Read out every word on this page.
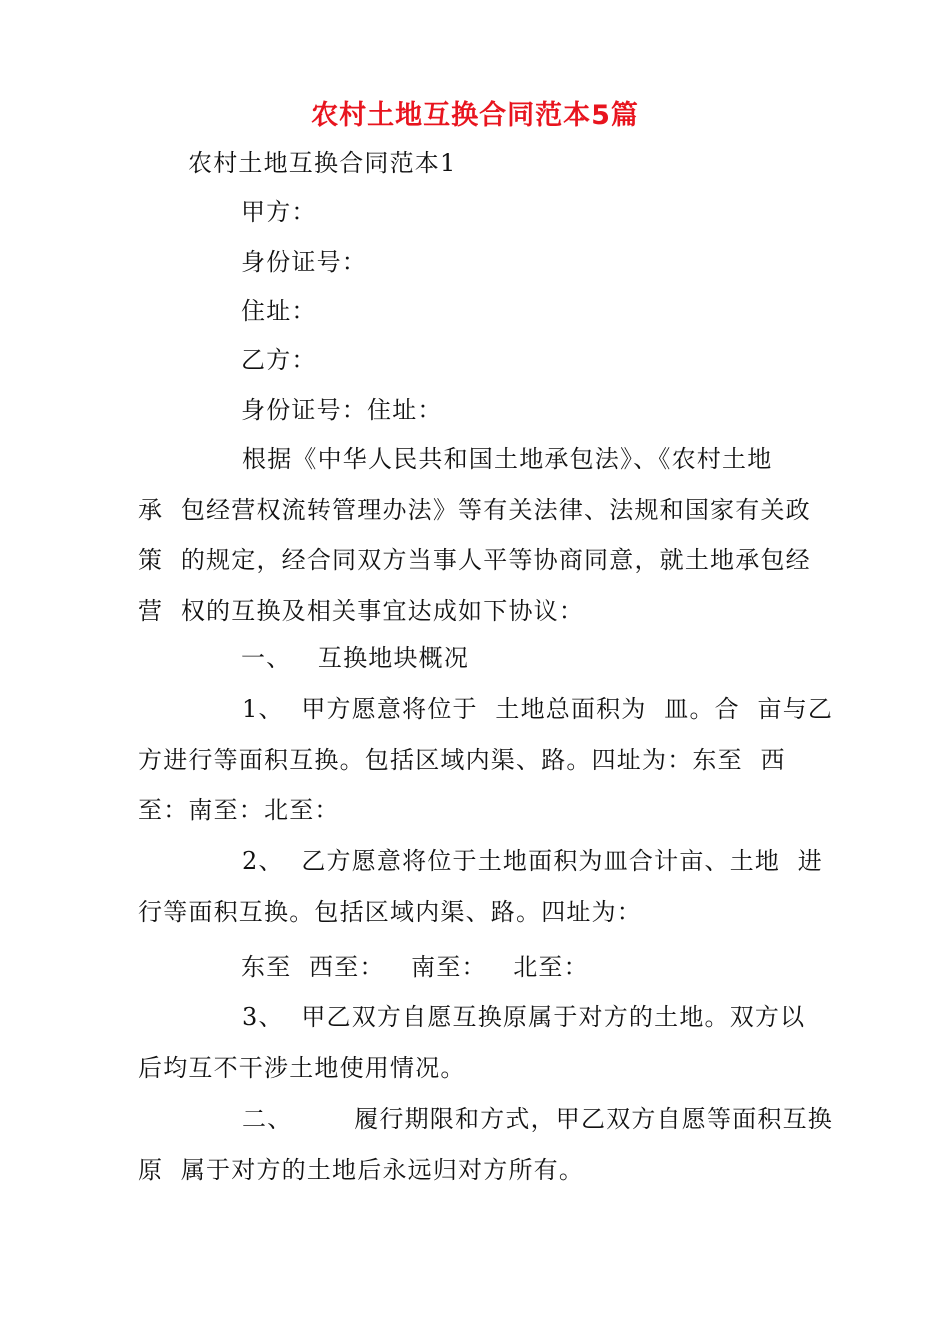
农村土地互换合同范本5篇
农村土地互换合同范本1
甲方：
身份证号：
住址：
乙方：
身份证号：住址：
根据《中华人民共和国土地承包法》、《农村土地
承  包经营权流转管理办法》等有关法律、法规和国家有关政
策  的规定，经合同双方当事人平等协商同意，就土地承包经
营  权的互换及相关事宜达成如下协议：
一、   互换地块概况
1、  甲方愿意将位于  土地总面积为  皿。合  亩与乙
方进行等面积互换。包括区域内渠、路。四址为：东至  西
至：南至：北至：
2、  乙方愿意将位于土地面积为皿合计亩、土地  进
行等面积互换。包括区域内渠、路。四址为：
东至  西至：   南至：   北至：
3、  甲乙双方自愿互换原属于对方的土地。双方以
后均互不干涉土地使用情况。
二、       履行期限和方式，甲乙双方自愿等面积互换
原  属于对方的土地后永远归对方所有。
